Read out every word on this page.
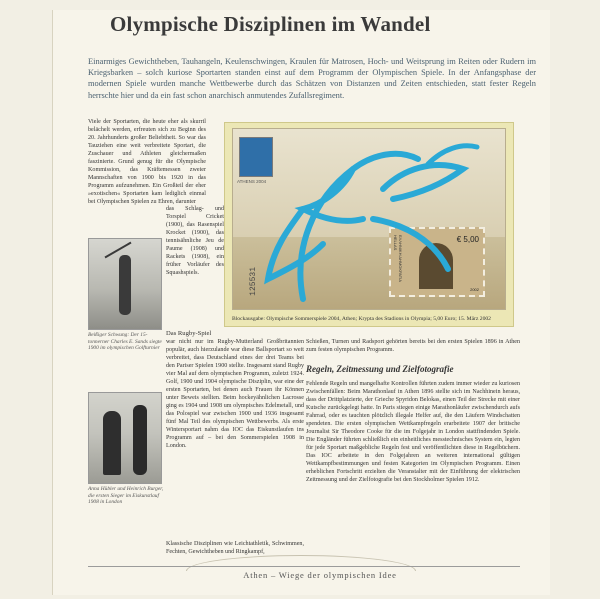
Olympische Disziplinen im Wandel
Einarmiges Gewichtheben, Tauhangeln, Keulenschwingen, Kraulen für Matrosen, Hoch- und Weitsprung im Reiten oder Rudern im Kriegsbarken – solch kuriose Sportarten standen einst auf dem Programm der Olympischen Spiele. In der Anfangsphase der modernen Spiele wurden manche Wettbewerbe durch das Schätzen von Distanzen und Zeiten entschieden, statt fester Regeln herrschte hier und da ein fast schon anarchisch anmutendes Zufallsregiment.
Viele der Sportarten, die heute eher als skurril belächelt werden, erfreuten sich zu Beginn des 20. Jahrhunderts großer Beliebtheit. So war das Tauziehen eine weit verbreitete Sportart, die Zuschauer und Athleten gleichermaßen faszinierte. Grund genug für die Olympische Kommission, das Kräftemessen zweier Mannschaften von 1900 bis 1920 in das Programm aufzunehmen. Ein Großteil der eher »exotischen« Sportarten kam lediglich einmal bei Olympischen Spielen zu Ehren, darunter
das Schlag- und Torspiel Cricket (1900), das Rasenspiel Krocket (1900), das tennisähnliche Jeu de Paume (1908) und Rackets (1908), ein früher Vorläufer des Squashspiels.
Beißiger Schwung: Der 15-tonnerner Charles E. Sands siegte 1900 im olympischen Golfturnier
Das Rugby-Spiel
war nicht nur im Rugby-Mutterland Großbritannien populär, auch hierzulande war diese Ballsportart so weit verbreitet, dass Deutschland eines der drei Teams bei den Pariser Spielen 1900 stellte. Insgesamt stand Rugby vier Mal auf dem olympischen Programm, zuletzt 1924. Golf, 1900 und 1904 olympische Disziplin, war eine der ersten Sportarten, bei denen auch Frauen ihr Können unter Beweis stellten. Beim hockeyähnlichen Lacrosse ging es 1904 und 1908 um olympisches Edelmetall, und das Polospiel war zwischen 1900 und 1936 insgesamt fünf Mal Teil des olympischen Wettbewerbs. Als erste Wintersportart nahm das IOC das Eiskunstlaufen ins Programm auf – bei den Sommerspielen 1908 in London.
Anna Hübler und Heinrich Burger, die ersten Sieger im Eiskunstlauf 1908 in London
Klassische Disziplinen wie Leichtathletik, Schwimmen, Fechten, Gewichtheben und Ringkampf,
ATHENS 2004
125531	ΕΛΛΗΝΙΚΗ ΔΗΜΟΚΡΑΤΙΑ HELLAS	€ 5,00
2002
Blockausgabe: Olympische Sommerspiele 2004, Athen; Krypta des Stadions in Olympia; 5,00 Euro; 15. März 2002
Schießen, Turnen und Radsport gehörten bereits bei den ersten Spielen 1896 in Athen zum festen olympischen Programm.
Regeln, Zeitmessung und Zielfotografie
Fehlende Regeln und mangelhafte Kontrollen führten zudem immer wieder zu kuriosen Zwischenfällen: Beim Marathonlauf in Athen 1896 stellte sich im Nachhinein heraus, dass der Drittplatzierte, der Grieche Spyridon Belokas, einen Teil der Strecke mit einer Kutsche zurückgelegt hatte. In Paris stiegen einige Marathonläufer zwischendurch aufs Fahrrad, oder es tauchten plötzlich illegale Helfer auf, die den Läufern Windschatten spendeten. Die ersten olympischen Wettkampfregeln erarbeitete 1907 der britische Journalist Sir Theodore Cooke für die im Folgejahr in London stattfindenden Spiele. Die Engländer führten schließlich ein einheitliches messtechnisches System ein, legten für jede Sportart maßgebliche Regeln fest und veröffentlichten diese in Regelbüchern. Das IOC arbeitete in den Folgejahren an weiteren international gültigen Wettkampfbestimmungen und festen Kategorien im Olympischen Programm. Einen erheblichen Fortschritt erzielten die Veranstalter mit der Einführung der elektrischen Zeitmessung und der Zielfotografie bei den Stockholmer Spielen 1912.
Athen – Wiege der olympischen Idee
